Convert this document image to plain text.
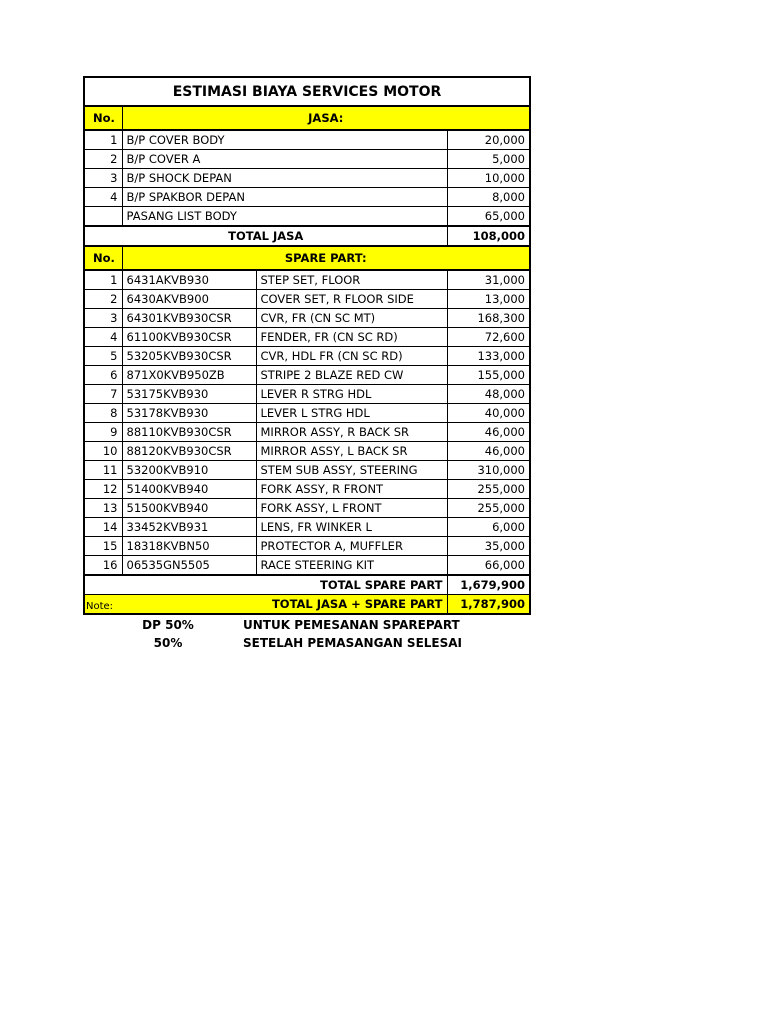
ESTIMASI BIAYA SERVICES MOTOR			
No.	JASA:		
1	B/P COVER BODY		20,000
2	B/P COVER A		5,000
3	B/P SHOCK DEPAN		10,000
4	B/P SPAKBOR DEPAN		8,000
	PASANG LIST BODY		65,000
TOTAL JASA			108,000
No.	SPARE PART:		
1	6431AKVB930	STEP SET, FLOOR	31,000
2	6430AKVB900	COVER SET, R FLOOR SIDE	13,000
3	64301KVB930CSR	CVR, FR (CN SC MT)	168,300
4	61100KVB930CSR	FENDER, FR (CN SC RD)	72,600
5	53205KVB930CSR	CVR, HDL FR (CN SC RD)	133,000
6	871X0KVB950ZB	STRIPE 2 BLAZE RED CW	155,000
7	53175KVB930	LEVER R STRG HDL	48,000
8	53178KVB930	LEVER L STRG HDL	40,000
9	88110KVB930CSR	MIRROR ASSY, R BACK SR	46,000
10	88120KVB930CSR	MIRROR ASSY, L BACK SR	46,000
11	53200KVB910	STEM SUB ASSY, STEERING	310,000
12	51400KVB940	FORK ASSY, R FRONT	255,000
13	51500KVB940	FORK ASSY, L FRONT	255,000
14	33452KVB931	LENS, FR WINKER L	6,000
15	18318KVBN50	PROTECTOR A, MUFFLER	35,000
16	06535GN5505	RACE STEERING KIT	66,000
TOTAL SPARE PART			1,679,900
TOTAL JASA + SPARE PART			1,787,900
Note:
DP 50%	UNTUK PEMESANAN SPAREPART
50%	SETELAH PEMASANGAN SELESAI
